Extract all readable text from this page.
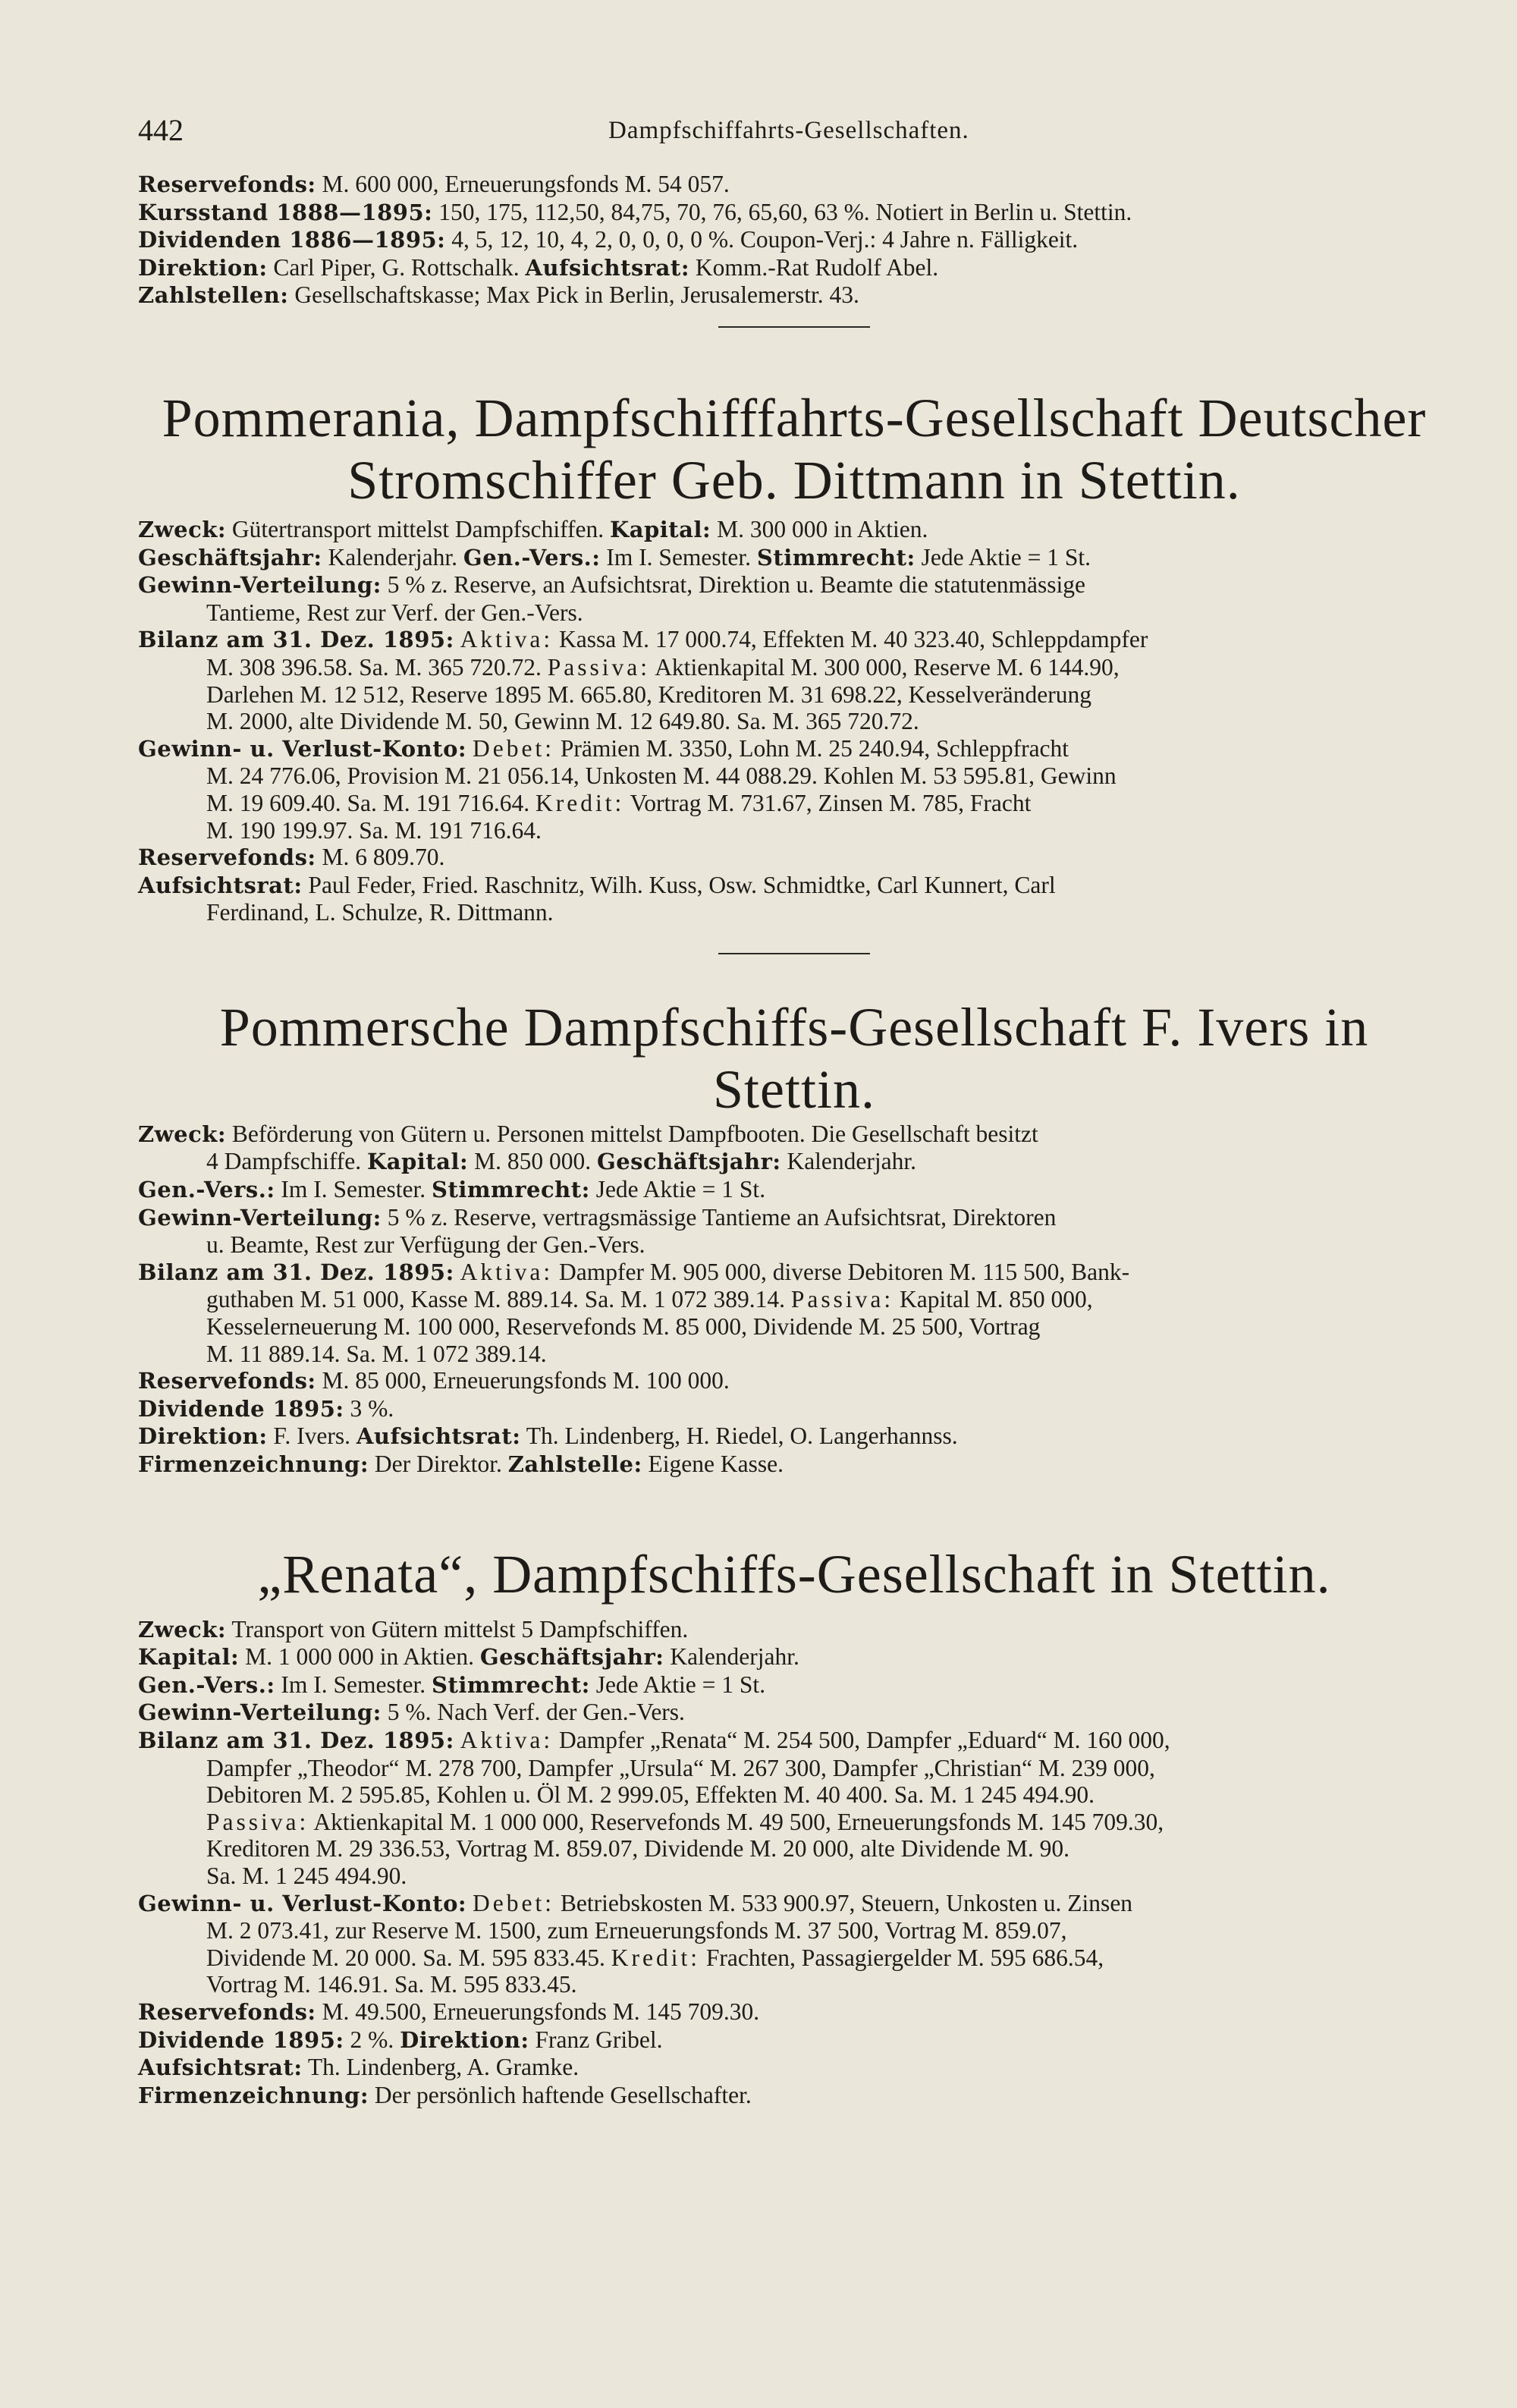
442	Dampfschiffahrts-Gesellschaften.
Reservefonds: M. 600 000, Erneuerungsfonds M. 54 057.
Kursstand 1888—1895: 150, 175, 112,50, 84,75, 70, 76, 65,60, 63 %. Notiert in Berlin u. Stettin.
Dividenden 1886—1895: 4, 5, 12, 10, 4, 2, 0, 0, 0, 0 %. Coupon-Verj.: 4 Jahre n. Fälligkeit.
Direktion: Carl Piper, G. Rottschalk. Aufsichtsrat: Komm.-Rat Rudolf Abel.
Zahlstellen: Gesellschaftskasse; Max Pick in Berlin, Jerusalemerstr. 43.
Pommerania, Dampfschifffahrts-Gesellschaft Deutscher
Stromschiffer Geb. Dittmann in Stettin.
Zweck: Gütertransport mittelst Dampfschiffen. Kapital: M. 300 000 in Aktien.
Geschäftsjahr: Kalenderjahr. Gen.-Vers.: Im I. Semester. Stimmrecht: Jede Aktie = 1 St.
Gewinn-Verteilung: 5 % z. Reserve, an Aufsichtsrat, Direktion u. Beamte die statutenmässige
Tantieme, Rest zur Verf. der Gen.-Vers.
Bilanz am 31. Dez. 1895: Aktiva: Kassa M. 17 000.74, Effekten M. 40 323.40, Schleppdampfer
M. 308 396.58. Sa. M. 365 720.72. Passiva: Aktienkapital M. 300 000, Reserve M. 6 144.90,
Darlehen M. 12 512, Reserve 1895 M. 665.80, Kreditoren M. 31 698.22, Kesselveränderung
M. 2000, alte Dividende M. 50, Gewinn M. 12 649.80. Sa. M. 365 720.72.
Gewinn- u. Verlust-Konto: Debet: Prämien M. 3350, Lohn M. 25 240.94, Schleppfracht
M. 24 776.06, Provision M. 21 056.14, Unkosten M. 44 088.29. Kohlen M. 53 595.81, Gewinn
M. 19 609.40. Sa. M. 191 716.64. Kredit: Vortrag M. 731.67, Zinsen M. 785, Fracht
M. 190 199.97. Sa. M. 191 716.64.
Reservefonds: M. 6 809.70.
Aufsichtsrat: Paul Feder, Fried. Raschnitz, Wilh. Kuss, Osw. Schmidtke, Carl Kunnert, Carl
Ferdinand, L. Schulze, R. Dittmann.
Pommersche Dampfschiffs-Gesellschaft F. Ivers in Stettin.
Zweck: Beförderung von Gütern u. Personen mittelst Dampfbooten. Die Gesellschaft besitzt
4 Dampfschiffe. Kapital: M. 850 000. Geschäftsjahr: Kalenderjahr.
Gen.-Vers.: Im I. Semester. Stimmrecht: Jede Aktie = 1 St.
Gewinn-Verteilung: 5 % z. Reserve, vertragsmässige Tantieme an Aufsichtsrat, Direktoren
u. Beamte, Rest zur Verfügung der Gen.-Vers.
Bilanz am 31. Dez. 1895: Aktiva: Dampfer M. 905 000, diverse Debitoren M. 115 500, Bank-
guthaben M. 51 000, Kasse M. 889.14. Sa. M. 1 072 389.14. Passiva: Kapital M. 850 000,
Kesselerneuerung M. 100 000, Reservefonds M. 85 000, Dividende M. 25 500, Vortrag
M. 11 889.14. Sa. M. 1 072 389.14.
Reservefonds: M. 85 000, Erneuerungsfonds M. 100 000.
Dividende 1895: 3 %.
Direktion: F. Ivers. Aufsichtsrat: Th. Lindenberg, H. Riedel, O. Langerhannss.
Firmenzeichnung: Der Direktor. Zahlstelle: Eigene Kasse.
„Renata“, Dampfschiffs-Gesellschaft in Stettin.
Zweck: Transport von Gütern mittelst 5 Dampfschiffen.
Kapital: M. 1 000 000 in Aktien. Geschäftsjahr: Kalenderjahr.
Gen.-Vers.: Im I. Semester. Stimmrecht: Jede Aktie = 1 St.
Gewinn-Verteilung: 5 %. Nach Verf. der Gen.-Vers.
Bilanz am 31. Dez. 1895: Aktiva: Dampfer „Renata“ M. 254 500, Dampfer „Eduard“ M. 160 000,
Dampfer „Theodor“ M. 278 700, Dampfer „Ursula“ M. 267 300, Dampfer „Christian“ M. 239 000,
Debitoren M. 2 595.85, Kohlen u. Öl M. 2 999.05, Effekten M. 40 400. Sa. M. 1 245 494.90.
Passiva: Aktienkapital M. 1 000 000, Reservefonds M. 49 500, Erneuerungsfonds M. 145 709.30,
Kreditoren M. 29 336.53, Vortrag M. 859.07, Dividende M. 20 000, alte Dividende M. 90.
Sa. M. 1 245 494.90.
Gewinn- u. Verlust-Konto: Debet: Betriebskosten M. 533 900.97, Steuern, Unkosten u. Zinsen
M. 2 073.41, zur Reserve M. 1500, zum Erneuerungsfonds M. 37 500, Vortrag M. 859.07,
Dividende M. 20 000. Sa. M. 595 833.45. Kredit: Frachten, Passagiergelder M. 595 686.54,
Vortrag M. 146.91. Sa. M. 595 833.45.
Reservefonds: M. 49.500, Erneuerungsfonds M. 145 709.30.
Dividende 1895: 2 %. Direktion: Franz Gribel.
Aufsichtsrat: Th. Lindenberg, A. Gramke.
Firmenzeichnung: Der persönlich haftende Gesellschafter.
